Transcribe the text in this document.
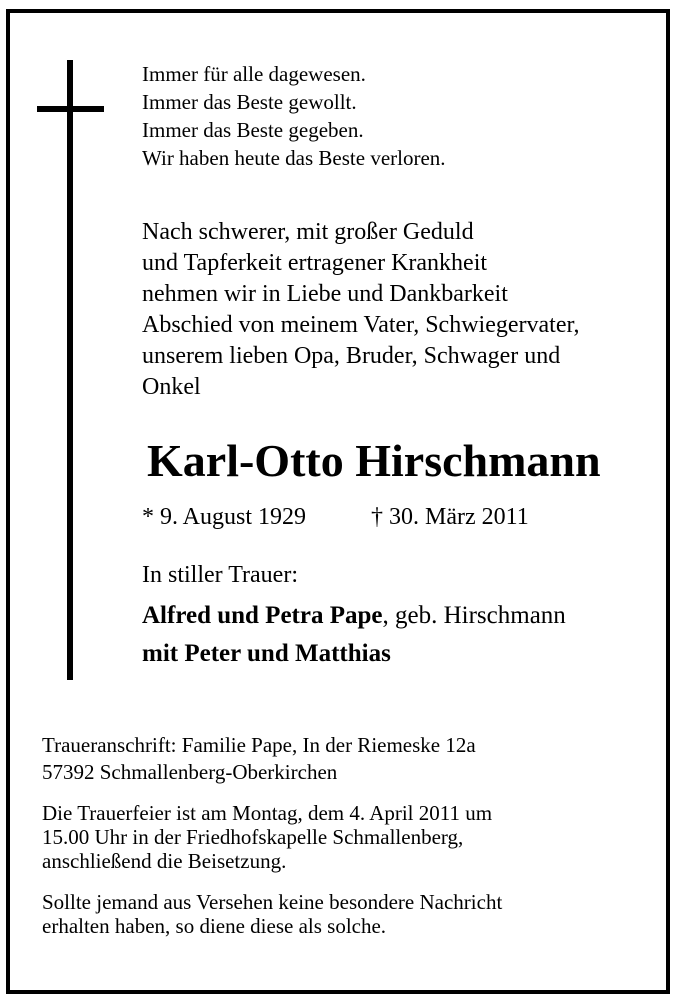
Immer für alle dagewesen.
Immer das Beste gewollt.
Immer das Beste gegeben.
Wir haben heute das Beste verloren.
Nach schwerer, mit großer Geduld
und Tapferkeit ertragener Krankheit
nehmen wir in Liebe und Dankbarkeit
Abschied von meinem Vater, Schwiegervater,
unserem lieben Opa, Bruder, Schwager und
Onkel
Karl-Otto Hirschmann
* 9. August 1929	† 30. März 2011
In stiller Trauer:
Alfred und Petra Pape, geb. Hirschmann
mit Peter und Matthias
Traueranschrift: Familie Pape, In der Riemeske 12a
57392 Schmallenberg-Oberkirchen
Die Trauerfeier ist am Montag, dem 4. April 2011 um
15.00 Uhr in der Friedhofskapelle Schmallenberg,
anschließend die Beisetzung.
Sollte jemand aus Versehen keine besondere Nachricht
erhalten haben, so diene diese als solche.
